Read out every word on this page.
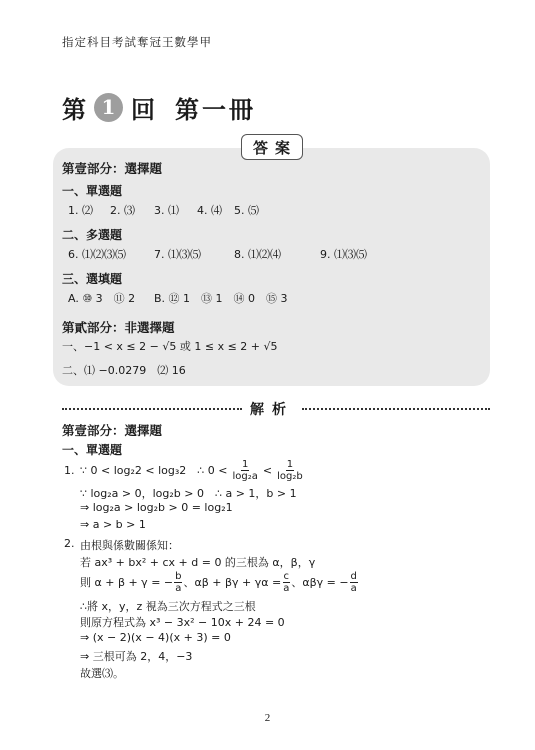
指定科目考試奪冠王數學甲
第 1 回 第一冊
答案
第壹部分：選擇題
一、單選題
1. ⑵ 2. ⑶ 3. ⑴ 4. ⑷ 5. ⑸
二、多選題
6. ⑴⑵⑶⑸	7. ⑴⑶⑸	8. ⑴⑵⑷	9. ⑴⑶⑸
三、選填題
A. ⑩ 3　⑪ 2 B. ⑫ 1　⑬ 1　⑭ 0　⑮ 3
第貳部分：非選擇題
一、−1 < x ≤ 2 − √5 或 1 ≤ x ≤ 2 + √5
二、⑴ −0.0279　⑵ 16
解析
第壹部分：選擇題
一、單選題
1. ∵ 0 < log₂2 < log₃2　∴ $0 < \frac{1}{\text{log₂a}} < \frac{1}{\text{log₂b}}$
∵ log₂a > 0，log₂b > 0　∴ a > 1，b > 1
⇒ log₂a > log₂b > 0 = log₂1
⇒ a > b > 1
2. 由根與係數關係知：
若 ax³ + bx² + cx + d = 0 的三根為 α，β，γ
則 α + β + γ = − $\frac{b}{a}$ 、$\alpha\beta + \beta\gamma + \gamma\alpha = \frac{c}{a}$ 、αβγ = − $\frac{d}{a}$
∴將 x，y，z 視為三次方程式之三根
則原方程式為 x³ − 3x² − 10x + 24 = 0
⇒ (x − 2)(x − 4)(x + 3) = 0
⇒ 三根可為 2，4，−3
故選⑶。
2
